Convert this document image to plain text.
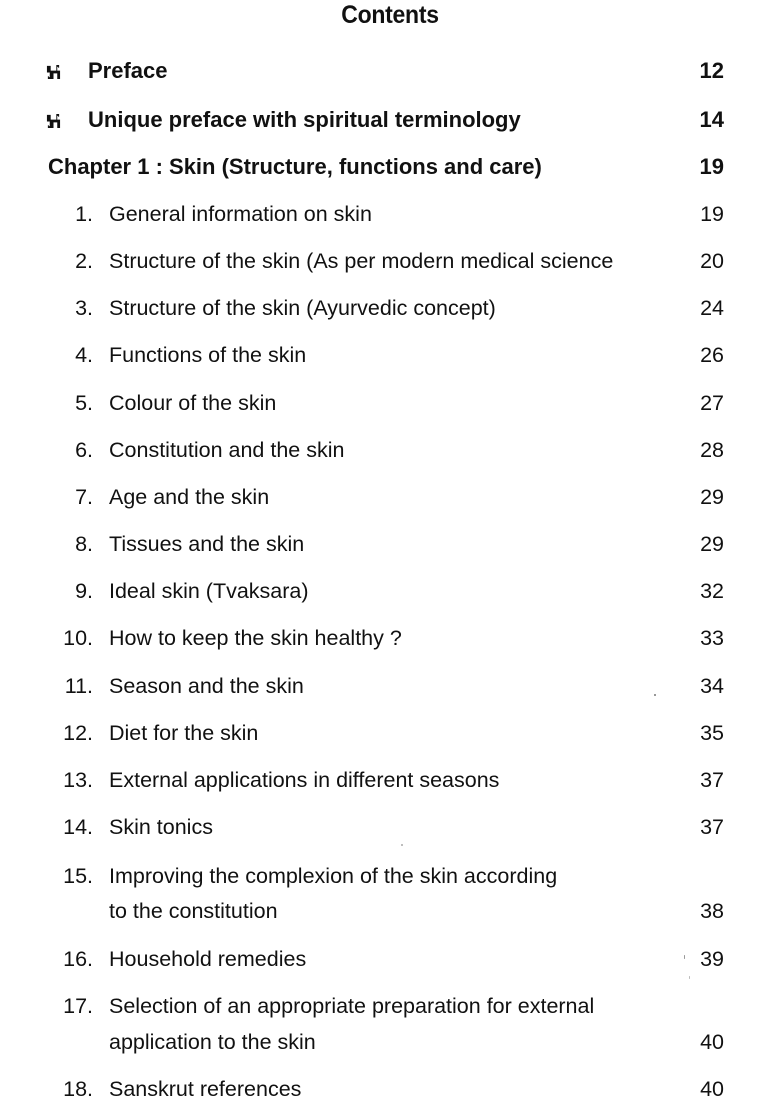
Contents
Preface	12
Unique preface with spiritual terminology	14
Chapter 1 : Skin (Structure, functions and care)	19
1. General information on skin	19
2. Structure of the skin (As per modern medical science	20
3. Structure of the skin (Ayurvedic concept)	24
4. Functions of the skin	26
5. Colour of the skin	27
6. Constitution and the skin	28
7. Age and the skin	29
8. Tissues and the skin	29
9. Ideal skin (Tvaksara)	32
10. How to keep the skin healthy ?	33
11. Season and the skin	34
12. Diet for the skin	35
13. External applications in different seasons	37
14. Skin tonics	37
15. Improving the complexion of the skin according
to the constitution	38
16. Household remedies	39
17. Selection of an appropriate preparation for external
application to the skin	40
18. Sanskrut references	40
